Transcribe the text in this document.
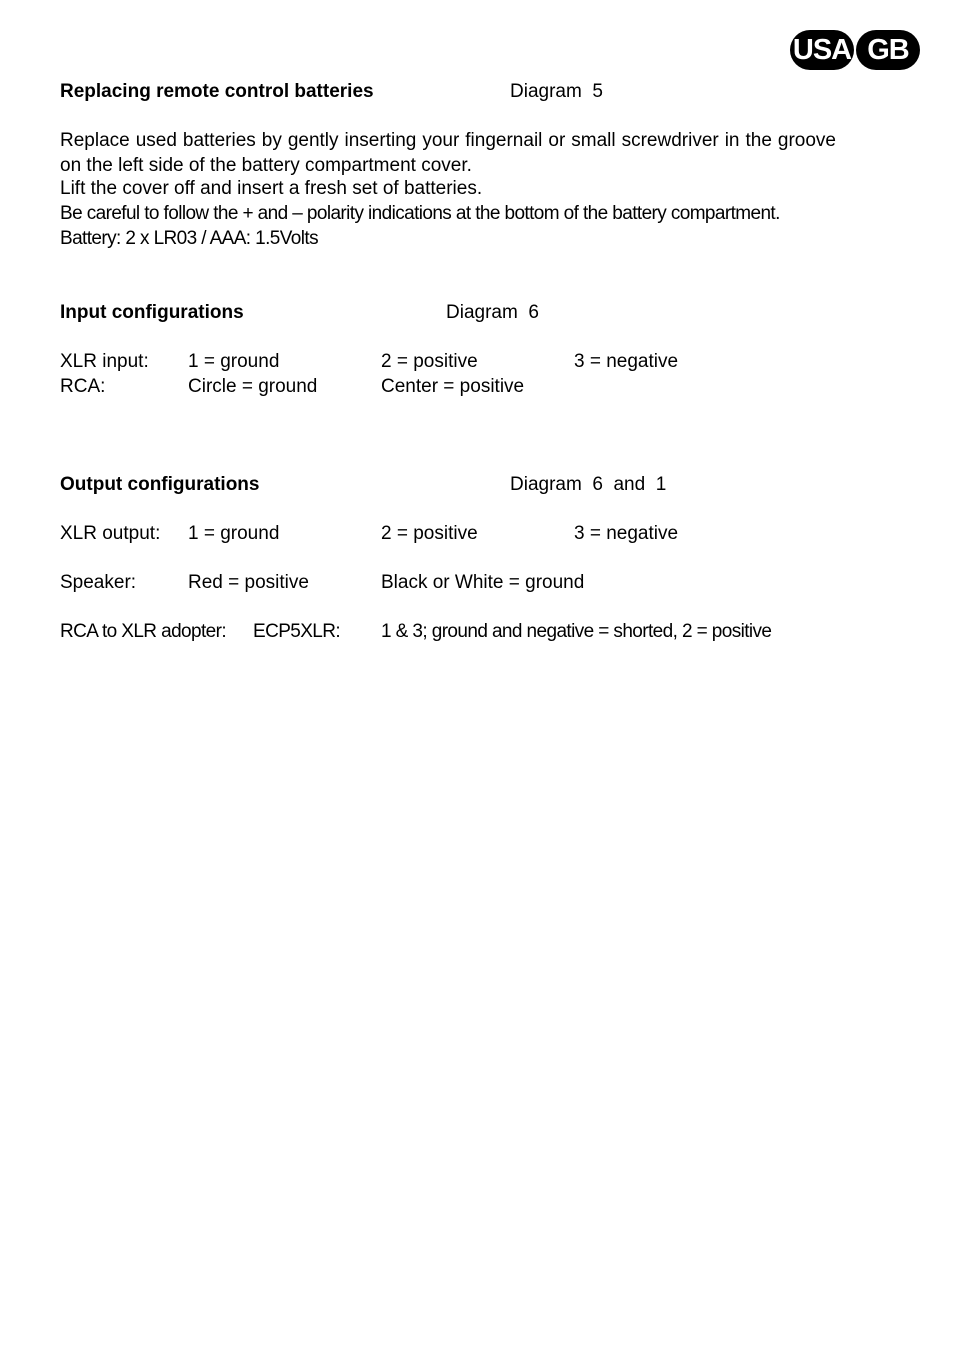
USA GB
Replacing remote control batteries	Diagram  5
Replace used batteries by gently inserting your fingernail or small screwdriver in the groove on the left side of the battery compartment cover.
Lift the cover off and insert a fresh set of batteries.
Be careful to follow the + and – polarity indications at the bottom of the battery compartment.
Battery: 2 x LR03 / AAA: 1.5Volts
Input configurations	Diagram  6
XLR input: 1 = ground	2 = positive	3 = negative
RCA:	Circle = ground	Center = positive
Output configurations	Diagram  6  and  1
XLR output: 1 = ground	2 = positive	3 = negative
Speaker:	Red = positive	Black or White = ground
RCA to XLR adopter: ECP5XLR: 1 & 3; ground and negative = shorted, 2 = positive
